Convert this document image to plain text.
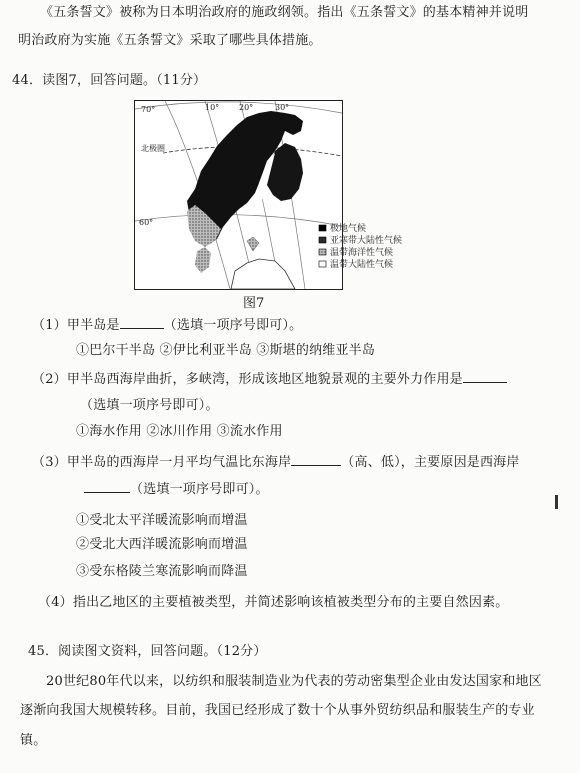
《五条誓文》被称为日本明治政府的施政纲领。指出《五条誓文》的基本精神并说明
明治政府为实施《五条誓文》采取了哪些具体措施。
44．读图7，回答问题。（11分）
70°	10° 20°	30°
60°
北极圈
极地气候
亚寒带大陆性气候
温带海洋性气候
温带大陆性气候
图7
（1）甲半岛是	（选填一项序号即可）。
①巴尔干半岛 ②伊比利亚半岛 ③斯堪的纳维亚半岛
（2）甲半岛西海岸曲折，多峡湾，形成该地区地貌景观的主要外力作用是
（选填一项序号即可）。
①海水作用 ②冰川作用 ③流水作用
（3）甲半岛的西海岸一月平均气温比东海岸	（高、低），主要原因是西海岸
（选填一项序号即可）。
①受北太平洋暖流影响而增温
②受北大西洋暖流影响而增温
③受东格陵兰寒流影响而降温
（4）指出乙地区的主要植被类型，并简述影响该植被类型分布的主要自然因素。
45．阅读图文资料，回答问题。（12分）
20世纪80年代以来，以纺织和服装制造业为代表的劳动密集型企业由发达国家和地区
逐渐向我国大规模转移。目前，我国已经形成了数十个从事外贸纺织品和服装生产的专业
镇。
